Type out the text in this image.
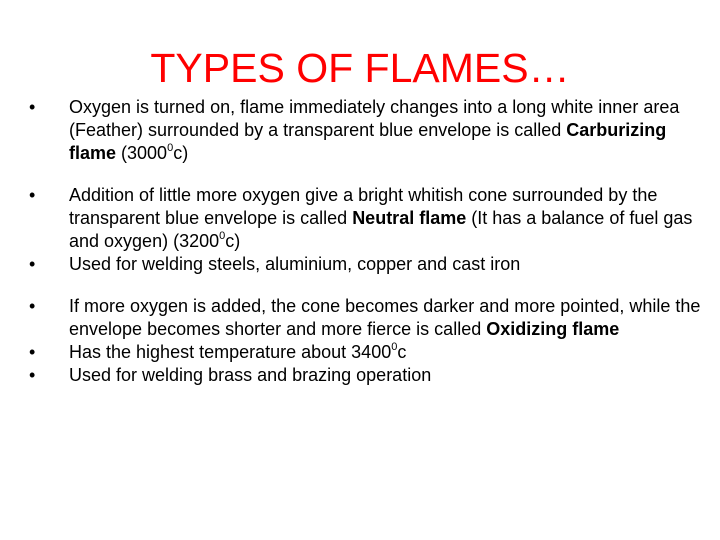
TYPES OF FLAMES…
• Oxygen is turned on, flame immediately changes into a long white inner area (Feather) surrounded by a transparent blue envelope is called Carburizing flame (3000$^0$c)
• Addition of little more oxygen give a bright whitish cone surrounded by the transparent blue envelope is called Neutral flame (It has a balance of fuel gas and oxygen) (3200$^0$c)
• Used for welding steels, aluminium, copper and cast iron
• If more oxygen is added, the cone becomes darker and more pointed, while the envelope becomes shorter and more fierce is called Oxidizing flame
• Has the highest temperature about 3400$^0$c
• Used for welding brass and brazing operation
